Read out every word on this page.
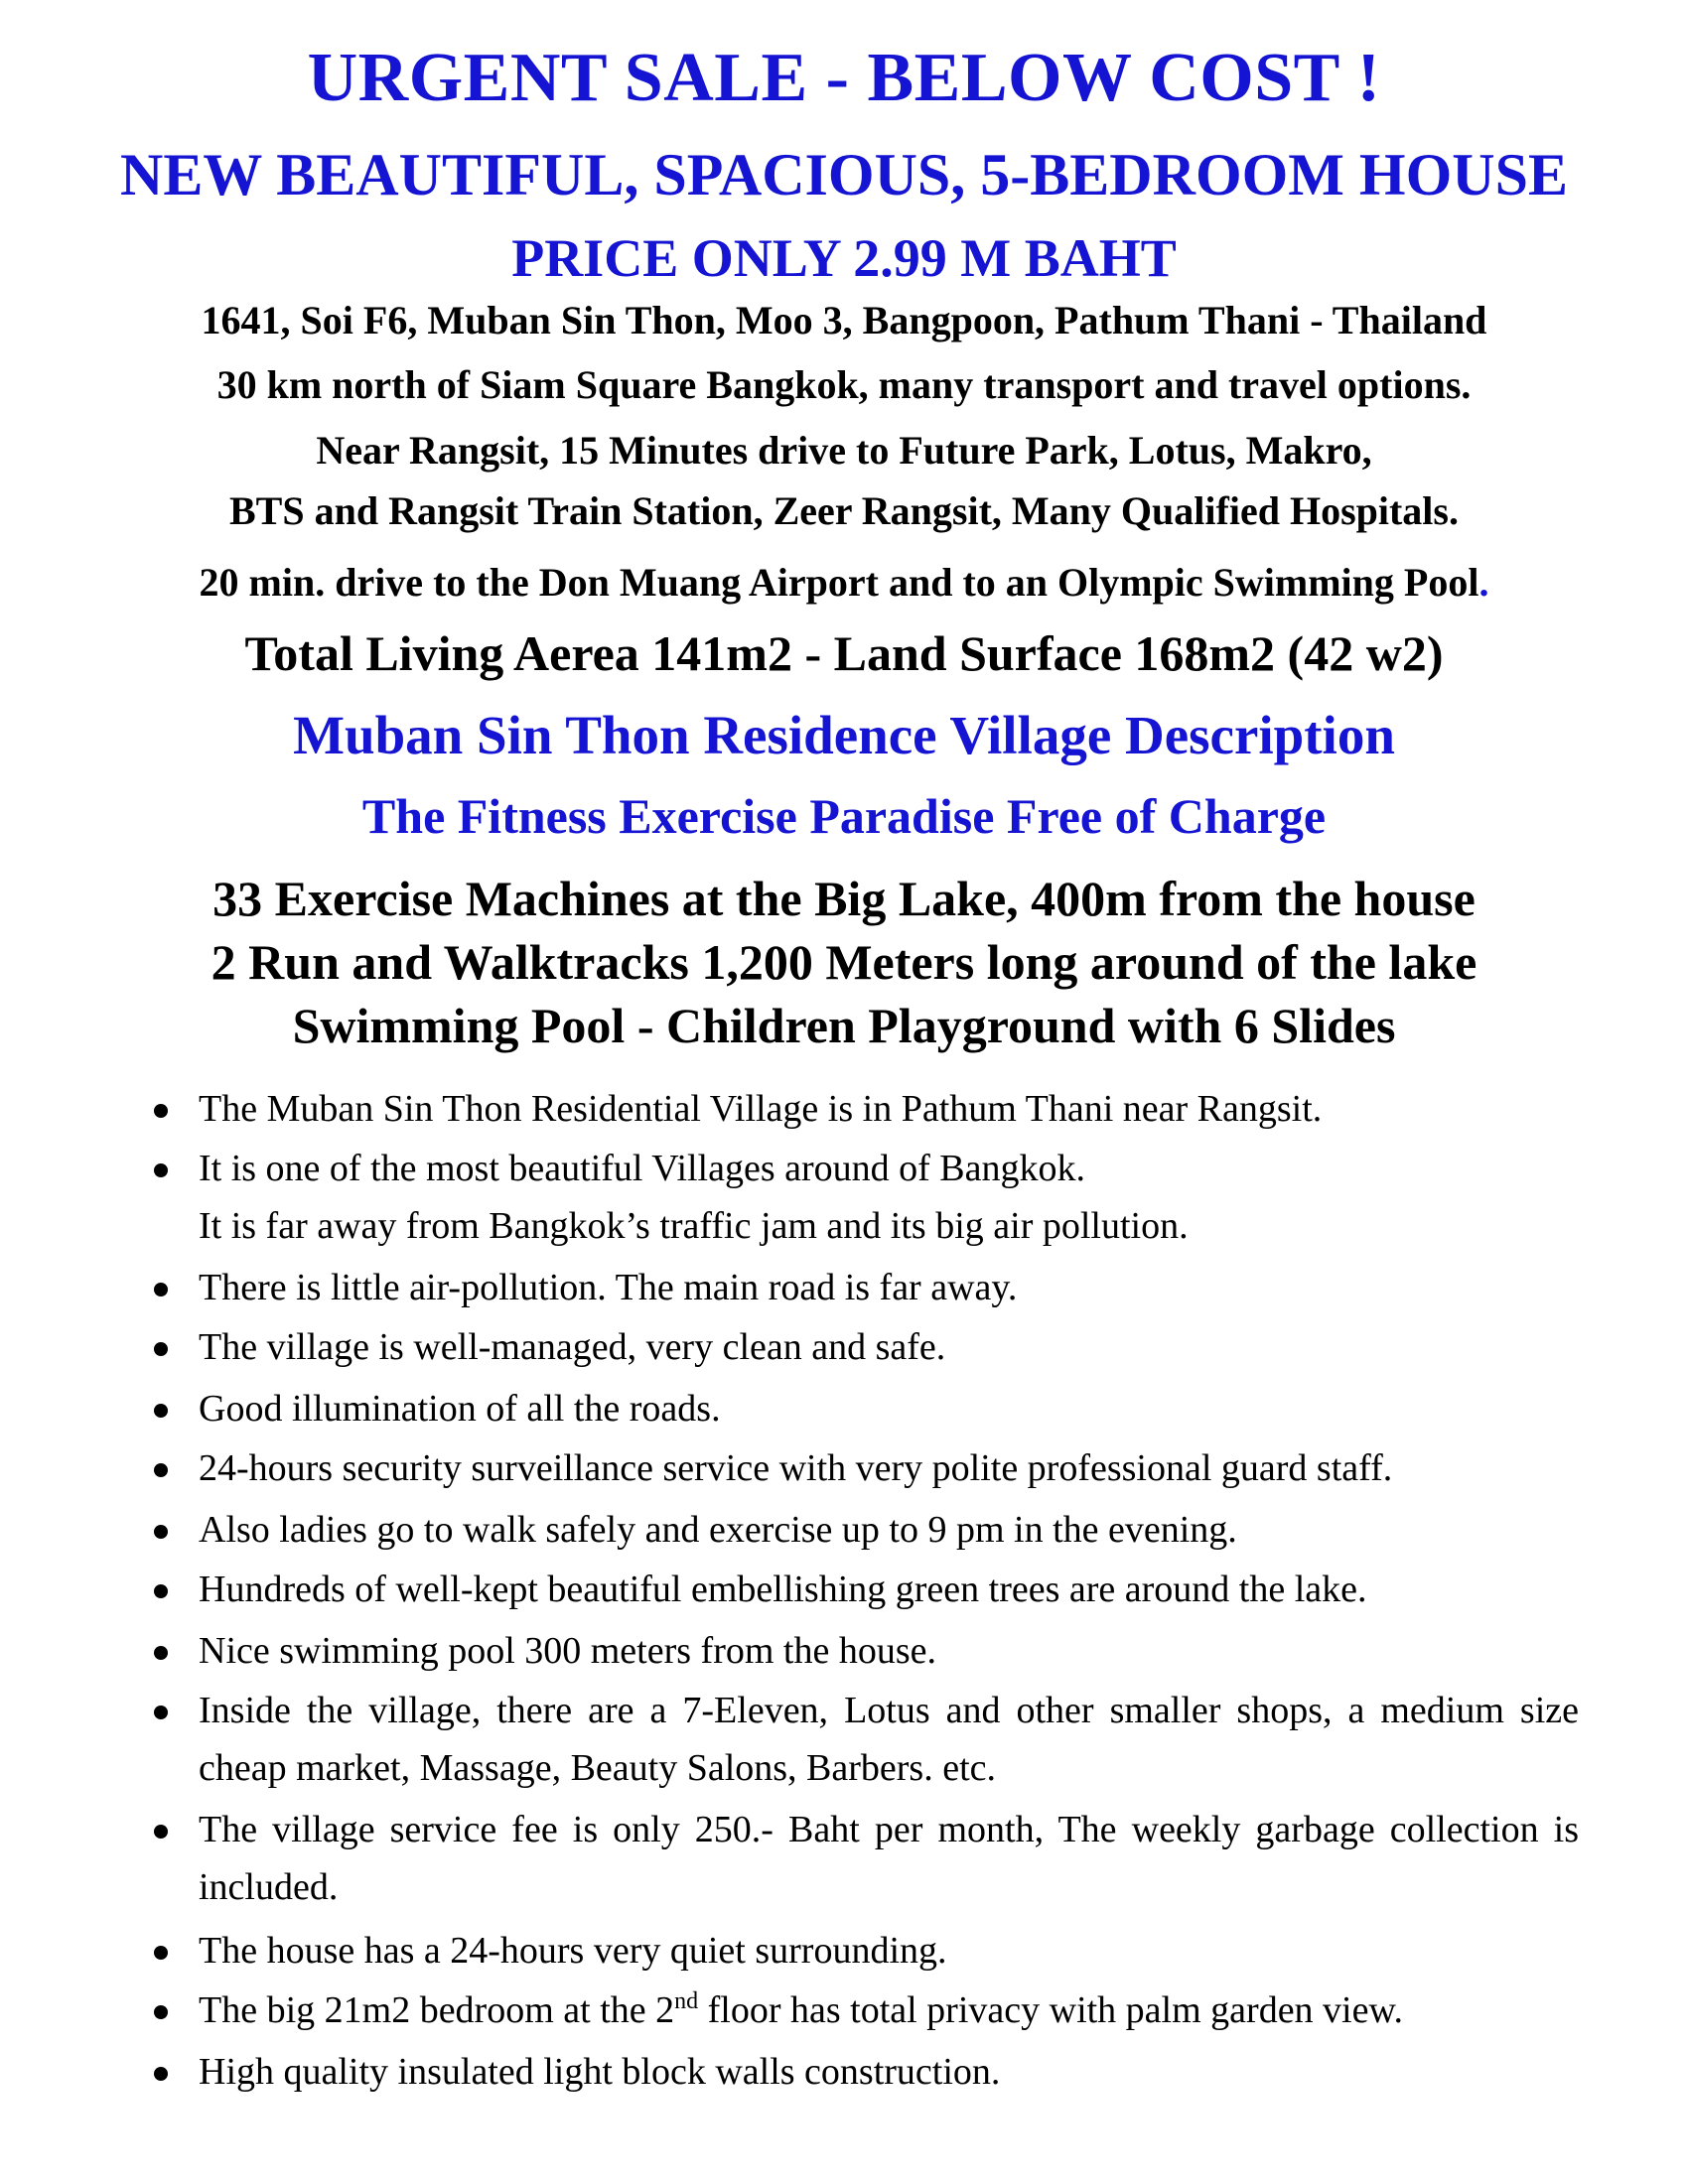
URGENT SALE - BELOW COST !
NEW BEAUTIFUL, SPACIOUS, 5-BEDROOM HOUSE
PRICE ONLY 2.99 M BAHT
1641, Soi F6, Muban Sin Thon, Moo 3, Bangpoon, Pathum Thani - Thailand
30 km north of Siam Square Bangkok, many transport and travel options.
Near Rangsit, 15 Minutes drive to Future Park, Lotus, Makro,
BTS and Rangsit Train Station, Zeer Rangsit, Many Qualified Hospitals.
20 min. drive to the Don Muang Airport and to an Olympic Swimming Pool.
Total Living Aerea 141m2 - Land Surface 168m2 (42 w2)
Muban Sin Thon Residence Village Description
The Fitness Exercise Paradise Free of Charge
33 Exercise Machines at the Big Lake, 400m from the house
2 Run and Walktracks 1,200 Meters long around of the lake
Swimming Pool - Children Playground with 6 Slides
The Muban Sin Thon Residential Village is in Pathum Thani near Rangsit.
It is one of the most beautiful Villages around of Bangkok.
It is far away from Bangkok’s traffic jam and its big air pollution.
There is little air-pollution. The main road is far away.
The village is well-managed, very clean and safe.
Good illumination of all the roads.
24-hours security surveillance service with very polite professional guard staff.
Also ladies go to walk safely and exercise up to 9 pm in the evening.
Hundreds of well-kept beautiful embellishing green trees are around the lake.
Nice swimming pool 300 meters from the house.
Inside the village, there are a 7-Eleven, Lotus and other smaller shops, a medium size cheap market, Massage, Beauty Salons, Barbers. etc.
The village service fee is only 250.- Baht per month, The weekly garbage collection is included.
The house has a 24-hours very quiet surrounding.
The big 21m2 bedroom at the 2nd floor has total privacy with palm garden view.
High quality insulated light block walls construction.
